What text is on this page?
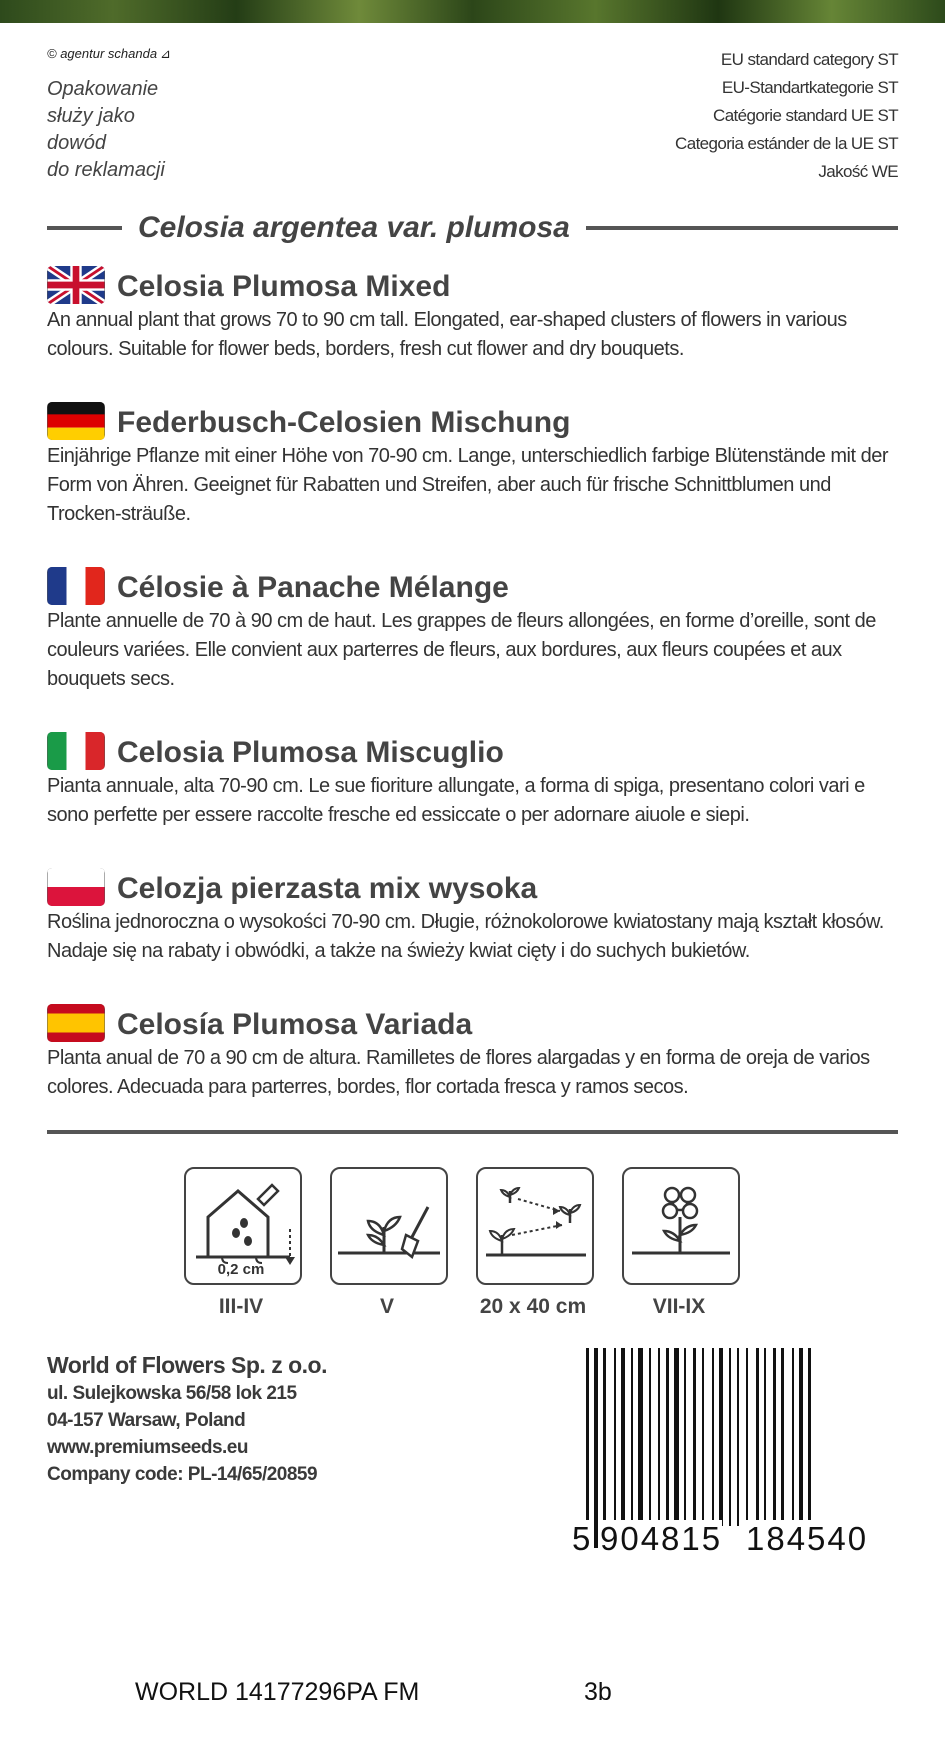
© agentur schanda ⊿
Opakowanie
służy jako
dowód
do reklamacji
EU standard category ST
EU-Standartkategorie ST
Catégorie standard UE ST
Categoria estánder de la UE ST
Jakość WE
Celosia argentea var. plumosa
Celosia Plumosa Mixed
An annual plant that grows 70 to 90 cm tall. Elongated, ear-shaped clusters of flowers in various colours. Suitable for flower beds, borders, fresh cut flower and dry bouquets.
Federbusch-Celosien Mischung
Einjährige Pflanze mit einer Höhe von 70-90 cm. Lange, unterschiedlich farbige Blütenstände mit der Form von Ähren. Geeignet für Rabatten und Streifen, aber auch für frische Schnittblumen und Trocken-sträuße.
Célosie à Panache Mélange
Plante annuelle de 70 à 90 cm de haut. Les grappes de fleurs allongées, en forme d’oreille, sont de couleurs variées. Elle convient aux parterres de fleurs, aux bordures, aux fleurs coupées et aux bouquets secs.
Celosia Plumosa Miscuglio
Pianta annuale, alta 70-90 cm. Le sue fioriture allungate, a forma di spiga, presentano colori vari e sono perfette per essere raccolte fresche ed essiccate o per adornare aiuole e siepi.
Celozja pierzasta mix wysoka
Roślina jednoroczna o wysokości 70-90 cm. Długie, różnokolorowe kwiatostany mają kształt kłosów. Nadaje się na rabaty i obwódki, a także na świeży kwiat cięty i do suchych bukietów.
Celosía Plumosa Variada
Planta anual de 70 a 90 cm de altura. Ramilletes de flores alargadas y en forma de oreja de varios colores. Adecuada para parterres, bordes, flor cortada fresca y ramos secos.
0,2 cm
III-IV	V	20 x 40 cm	VII-IX
World of Flowers Sp. z o.o.
ul. Sulejkowska 56/58 lok 215
04-157 Warsaw, Poland
www.premiumseeds.eu
Company code: PL-14/65/20859
5 904815 184540
WORLD 14177296PA FM	3b
